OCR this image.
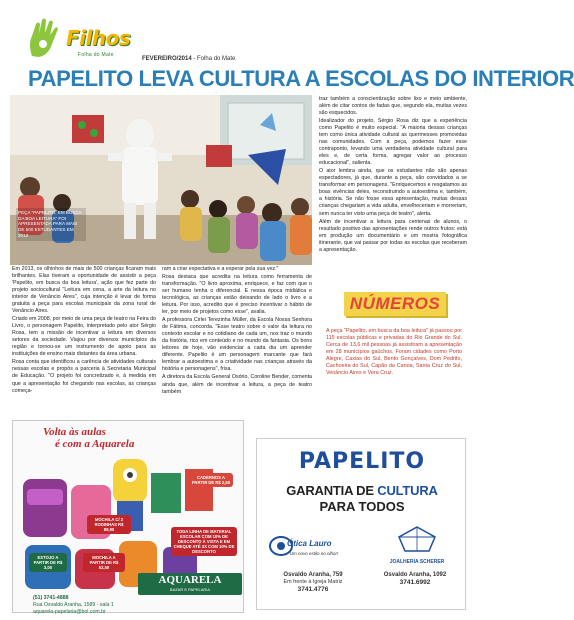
Filhos
Folha do Mate
FEVEREIRO/2014 - Folha do Mate
PAPELITO LEVA CULTURA A ESCOLAS DO INTERIOR
PEÇA "PAPELITO, EM BUSCA DA BOA LEITURA" FOI APRESENTADA PARA MAIS DE 500 ESTUDANTES EM 2013

Em 2013, os olhinhos de mais de 500 crianças ficaram mais brilhantes. Elas tiveram a oportunidade de assistir a peça 'Papelito, em busca da boa leitura', ação que fez parte do projeto sociocultural "Leitura em cena, a arte da leitura no interior de Venâncio Aires", cuja intenção é levar de forma gratuita a peça para escolas municipais da zona rural de Venâncio Aires.

Criado em 2008, por meio de uma peça de teatro na Feira do Livro, o personagem Papelito, interpretado pelo ator Sérgio Rosa, tem a missão de incentivar a leitura em diversos setores da sociedade. Viajou por diversos municípios da região e tornou-se um instrumento de apoio para as instituições de ensino mais distantes da área urbana.

Rosa conta que identificou a carência de atividades culturais nessas escolas e propôs a parceria à Secretaria Municipal de Educação. "O projeto foi concretizado e, à medida em que a apresentação foi chegando nas escolas, as crianças começa-

ram a criar expectativa e a esperar pela sua vez."

Rosa destaca que acredita na leitura como ferramenta de transformação. "O livro aproxima, enriquece, e faz com que o ser humano tenha o diferencial. E nessa época midiática e tecnológica, as crianças estão deixando de lado o livro e a leitura. Por isso, acredito que é preciso incentivar o hábito de ler, por meio de projetos como esse", avalia.

A professora Cirlei Terezinha Müller, da Escola Nossa Senhora de Fátima, concorda. "Esse teatro sobre o valor da leitura no contexto escolar e no cotidiano de cada um, nos traz o mundo da história, rico em conteúdo e no mundo da fantasia. Os bons leitores de hoje, vão evidenciar a cada dia um aprender diferente. Papelito é um personagem marcante que fará lembrar a autoestima e a criatividade nas crianças através da história e personagens", frisa.

A diretora da Escola General Osório, Coroline Bender, comenta ainda que, além de incentivar a leitura, a peça de teatro também

traz também a conscientização sobre lixo e meio ambiente, além de citar contos de fadas que, segundo ela, muitas vezes são esquecidos.

Idealizador do projeto, Sérgio Rosa diz que a experiência como Papelito é muito especial. "A maioria dessas crianças tem como única atividade cultural as quermesses promovidas nas comunidades. Com a peça, podemos fazer esse contraponto, levando uma verdadeira atividade cultural para eles e, de certa forma, agregar valor ao processo educacional", salienta.

O ator lembra ainda, que os estudantes não são apenas espectadores, já que, durante a peça, são convidados a se transformar em personagens. "Enriquecemos e resgatamos as boas vivências deles, reconstruindo a autoestima e, também, a história. Se não fosse essa apresentação, muitas dessas crianças chegariam a vida adulta, envelheceriam e morreriam, sem nunca ter visto uma peça de teatro", alerta.

Além de incentivar a leitura para centenas de alunos, o resultado positivo das apresentações rende outros frutos: está em produção um documentário e um mostra fotográfica itinerante, que vai passar por todas as escolas que receberam a apresentação.

NÚMEROS
A peça "Papelito, em busca da boa leitura" já passou por 115 escolas públicas e privadas do Rio Grande do Sul. Cerca de 13,6 mil pessoas já assistiram a apresentação em 28 municípios gaúchos. Foram cidades como Porto Alegre, Caxias do Sul, Bento Gonçalves, Dom Pedrito, Cachoeira do Sul, Capão da Canoa, Santa Cruz do Sul, Venâncio Aires e Vera Cruz.
Volta às aulas
é com a Aquarela
CADERNOS A PARTIR DE R$ 2,50
MOCHILA C/ 2 RODINHAS R$ 89,90
MOCHILA A PARTIR DE R$ 52,50
ESTOJO A PARTIR DE R$ 3,00
TODA LINHA DE MATERIAL ESCOLAR COM 10% DE DESCONTO À VISTA E EM CHEQUE ATÉ 3X COM 10% DE DESCONTO
AQUARELA
BAZAR E PAPELARIA
(51) 3741-4888
Rua Osvaldo Aranha, 1589 - sala 1
aquarela-papelaria@bol.com.br
PAPELITO
GARANTIA DE CULTURA
PARA TODOS
Ótica Lauro
Um novo estilo no olhar!
JOALHERIA SCHERER
Osvaldo Aranha, 759
Em frente à Igreja Matriz
3741.4776
Osvaldo Aranha, 1092
3741.6992
